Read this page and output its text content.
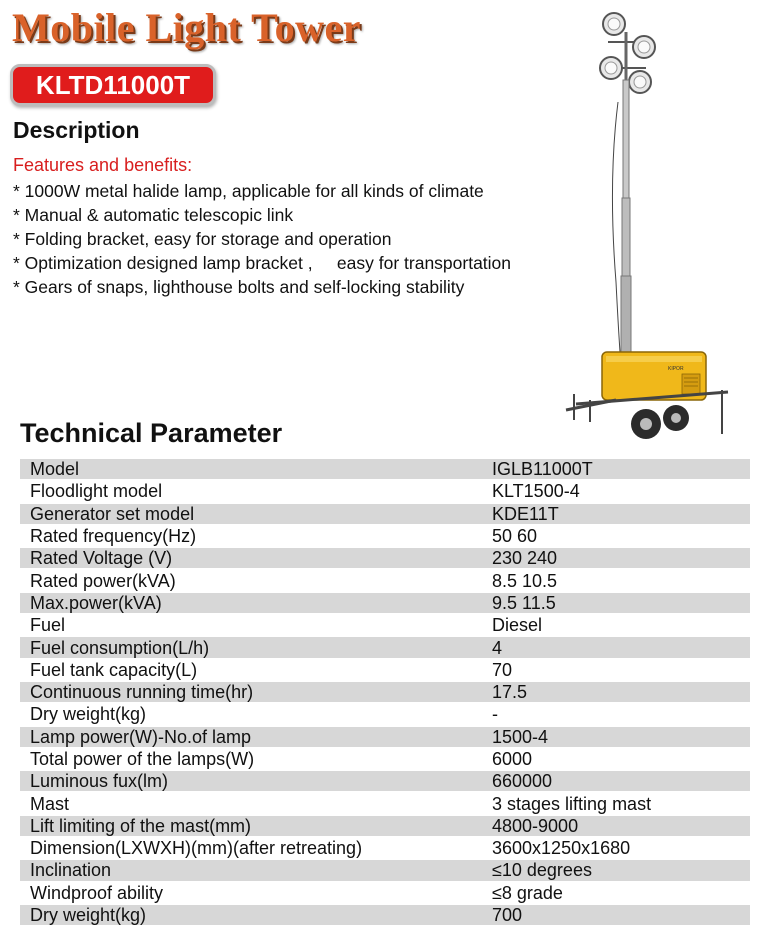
Mobile Light Tower
KLTD11000T
Description
Features and benefits:
* 1000W metal halide lamp, applicable for all kinds of climate
* Manual & automatic telescopic link
* Folding bracket, easy for storage and operation
* Optimization designed lamp bracket ,     easy for transportation
* Gears of snaps, lighthouse bolts and self-locking stability
KIPOR
Technical Parameter
Model	IGLB11000T
Floodlight model	KLT1500-4
Generator set model	KDE11T
Rated frequency(Hz)	50 60
Rated Voltage (V)	230 240
Rated power(kVA)	8.5 10.5
Max.power(kVA)	9.5 11.5
Fuel	Diesel
Fuel consumption(L/h)	4
Fuel tank capacity(L)	70
Continuous running time(hr)	17.5
Dry weight(kg)	-
Lamp power(W)-No.of lamp	1500-4
Total power of the lamps(W)	6000
Luminous fux(lm)	660000
Mast	3 stages lifting mast
Lift limiting of the mast(mm)	4800-9000
Dimension(LXWXH)(mm)(after retreating)	3600x1250x1680
Inclination	≤10 degrees
Windproof ability	≤8 grade
Dry weight(kg)	700
